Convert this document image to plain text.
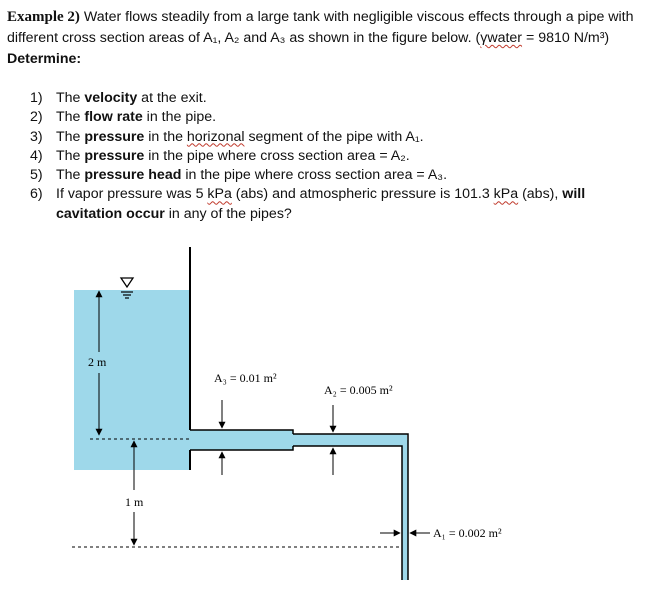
Example 2) Water flows steadily from a large tank with negligible viscous effects through a pipe with different cross section areas of A₁, A₂ and A₃ as shown in the figure below. (γwater = 9810 N/m³) Determine:
1) The velocity at the exit.
2) The flow rate in the pipe.
3) The pressure in the horizonal segment of the pipe with A₁.
4) The pressure in the pipe where cross section area = A₂.
5) The pressure head in the pipe where cross section area = A₃.
6) If vapor pressure was 5 kPa (abs) and atmospheric pressure is 101.3 kPa (abs), will cavitation occur in any of the pipes?
2 m
1 m
A₃ = 0.01 m²
A₂ = 0.005 m²
A₁ = 0.002 m²
